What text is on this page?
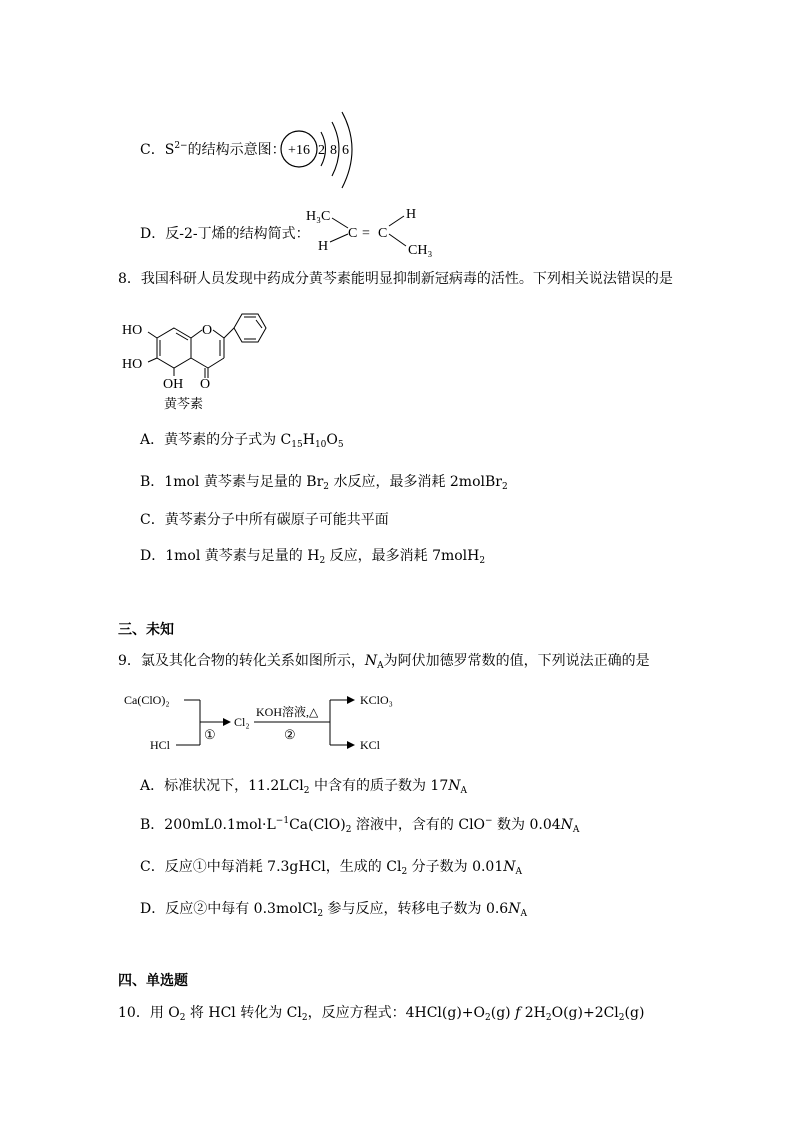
C．$S^{2-}$的结构示意图： +16 2 8 6
D．反-2-丁烯的结构简式：
H₃C
H
C = C
H
CH₃
8．我国科研人员发现中药成分黄芩素能明显抑制新冠病毒的活性。下列相关说法错误的是
HO
HO
OH
O
O
黄芩素
A．黄芩素的分子式为 $C_{15}H_{10}O_5$
B．1mol 黄芩素与足量的 $Br_2$ 水反应，最多消耗 2molBr$_2$
C．黄芩素分子中所有碳原子可能共平面
D．1mol 黄芩素与足量的 $H_2$ 反应，最多消耗 7molH$_2$
三、未知
9．氯及其化合物的转化关系如图所示，$N_A$为阿伏加德罗常数的值，下列说法正确的是
Ca(ClO)₂
HCl
①
Cl₂
KOH溶液,△
②
KClO₃
KCl
A．标准状况下，11.2LCl$_2$ 中含有的质子数为 $17N_A$
B．$200mL0.1mol\cdot L^{-1}Ca(ClO)_2$ 溶液中，含有的 ClO− 数为 $0.04N_A$
C．反应①中每消耗 7.3gHCl，生成的 $Cl_2$ 分子数为 $0.01N_A$
D．反应②中每有 0.3molCl$_2$ 参与反应，转移电子数为 $0.6N_A$
四、单选题
10．用 $O_2$ 将 HCl 转化为 $Cl_2$，反应方程式：$4HCl(g)+O_2(g)$ f $2H_2O(g)+2Cl_2(g)$
